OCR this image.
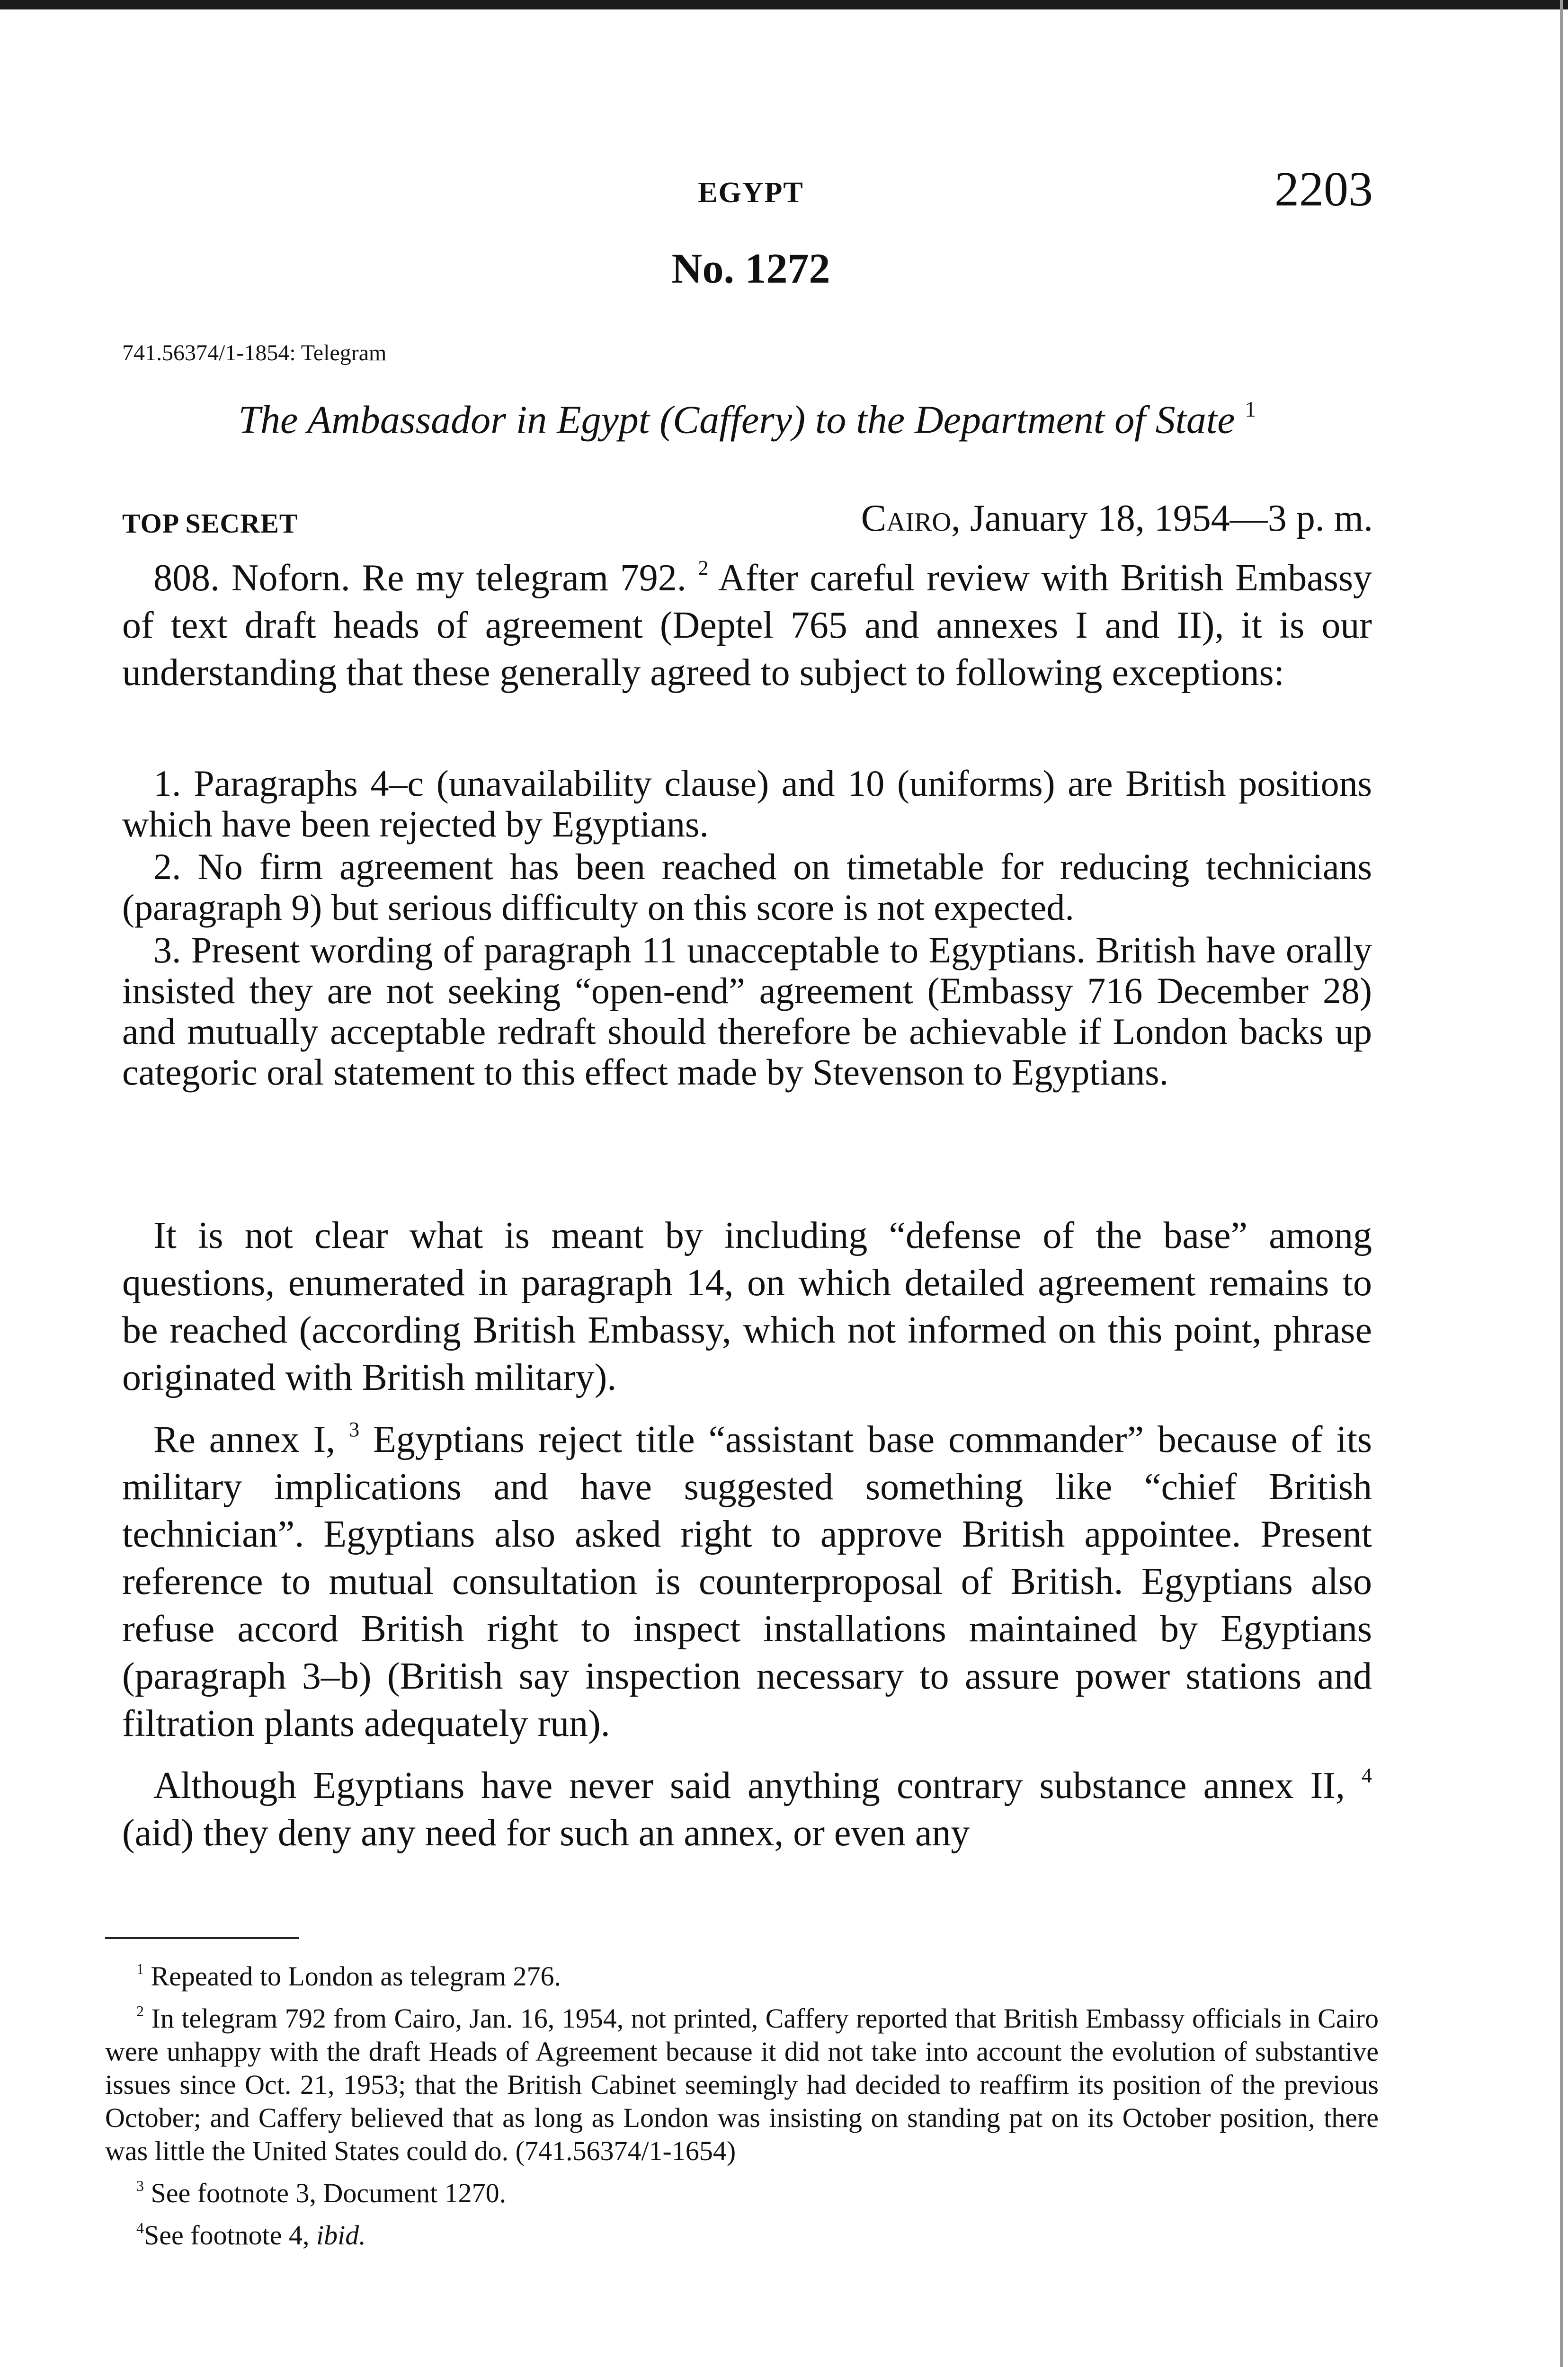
EGYPT	2203
No. 1272
741.56374/1-1854: Telegram
The Ambassador in Egypt (Caffery) to the Department of State $^1$
TOP SECRET	Cairo, January 18, 1954—3 p. m.

808. Noforn. Re my telegram 792. $^2$ After careful review with British Embassy of text draft heads of agreement (Deptel 765 and annexes I and II), it is our understanding that these generally agreed to subject to following exceptions:

1. Paragraphs 4–c (unavailability clause) and 10 (uniforms) are British positions which have been rejected by Egyptians.

2. No firm agreement has been reached on timetable for reducing technicians (paragraph 9) but serious difficulty on this score is not expected.

3. Present wording of paragraph 11 unacceptable to Egyptians. British have orally insisted they are not seeking “open-end” agreement (Embassy 716 December 28) and mutually acceptable redraft should therefore be achievable if London backs up categoric oral statement to this effect made by Stevenson to Egyptians.

It is not clear what is meant by including “defense of the base” among questions, enumerated in paragraph 14, on which detailed agreement remains to be reached (according British Embassy, which not informed on this point, phrase originated with British military).

Re annex I, $^3$ Egyptians reject title “assistant base commander” because of its military implications and have suggested something like “chief British technician”. Egyptians also asked right to approve British appointee. Present reference to mutual consultation is counterproposal of British. Egyptians also refuse accord British right to inspect installations maintained by Egyptians (paragraph 3–b) (British say inspection necessary to assure power stations and filtration plants adequately run).

Although Egyptians have never said anything contrary substance annex II, $^4$ (aid) they deny any need for such an annex, or even any

$^1$ Repeated to London as telegram 276.

$^2$ In telegram 792 from Cairo, Jan. 16, 1954, not printed, Caffery reported that British Embassy officials in Cairo were unhappy with the draft Heads of Agreement because it did not take into account the evolution of substantive issues since Oct. 21, 1953; that the British Cabinet seemingly had decided to reaffirm its position of the previous October; and Caffery believed that as long as London was insisting on standing pat on its October position, there was little the United States could do. (741.56374/1-1654)

$^3$ See footnote 3, Document 1270.

$^4$See footnote 4, ibid.
